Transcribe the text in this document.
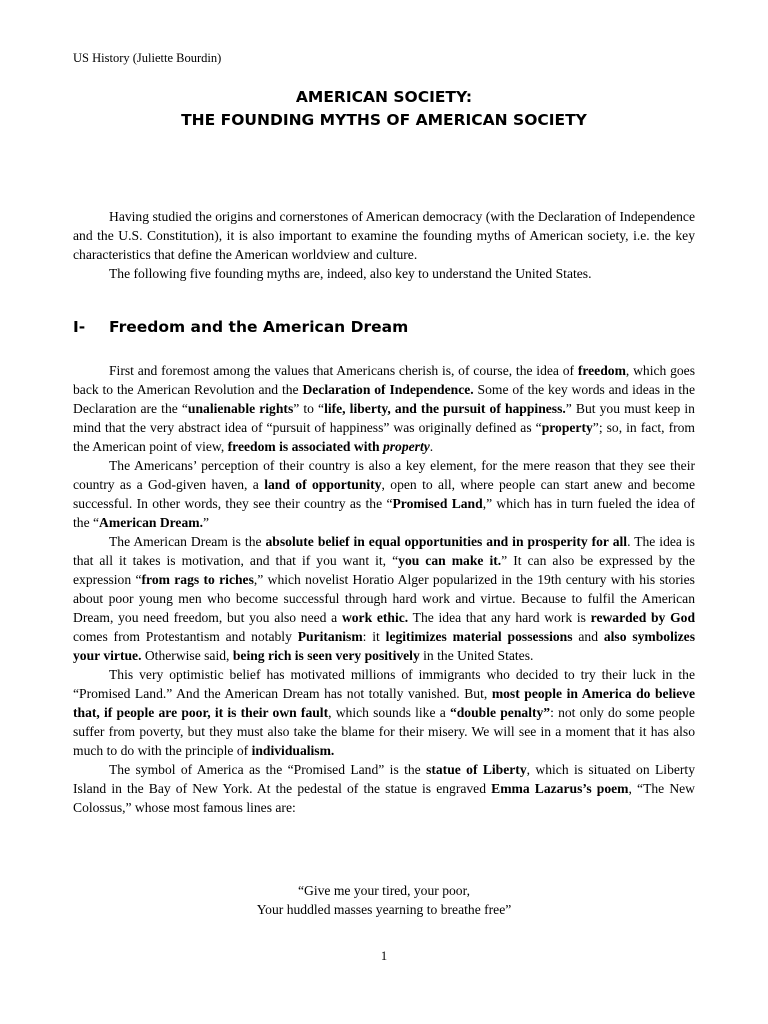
US History (Juliette Bourdin)
AMERICAN SOCIETY:
THE FOUNDING MYTHS OF AMERICAN SOCIETY

Having studied the origins and cornerstones of American democracy (with the Declaration of Independence and the U.S. Constitution), it is also important to examine the founding myths of American society, i.e. the key characteristics that define the American worldview and culture.

The following five founding myths are, indeed, also key to understand the United States.

I- Freedom and the American Dream

First and foremost among the values that Americans cherish is, of course, the idea of freedom, which goes back to the American Revolution and the Declaration of Independence. Some of the key words and ideas in the Declaration are the “unalienable rights” to “life, liberty, and the pursuit of happiness.” But you must keep in mind that the very abstract idea of “pursuit of happiness” was originally defined as “property”; so, in fact, from the American point of view, freedom is associated with property.

The Americans’ perception of their country is also a key element, for the mere reason that they see their country as a God-given haven, a land of opportunity, open to all, where people can start anew and become successful. In other words, they see their country as the “Promised Land,” which has in turn fueled the idea of the “American Dream.”

The American Dream is the absolute belief in equal opportunities and in prosperity for all. The idea is that all it takes is motivation, and that if you want it, “you can make it.” It can also be expressed by the expression “from rags to riches,” which novelist Horatio Alger popularized in the 19th century with his stories about poor young men who become successful through hard work and virtue. Because to fulfil the American Dream, you need freedom, but you also need a work ethic. The idea that any hard work is rewarded by God comes from Protestantism and notably Puritanism: it legitimizes material possessions and also symbolizes your virtue. Otherwise said, being rich is seen very positively in the United States.

This very optimistic belief has motivated millions of immigrants who decided to try their luck in the “Promised Land.” And the American Dream has not totally vanished. But, most people in America do believe that, if people are poor, it is their own fault, which sounds like a “double penalty”: not only do some people suffer from poverty, but they must also take the blame for their misery. We will see in a moment that it has also much to do with the principle of individualism.

The symbol of America as the “Promised Land” is the statue of Liberty, which is situated on Liberty Island in the Bay of New York. At the pedestal of the statue is engraved Emma Lazarus’s poem, “The New Colossus,” whose most famous lines are:

“Give me your tired, your poor,
Your huddled masses yearning to breathe free”
1
